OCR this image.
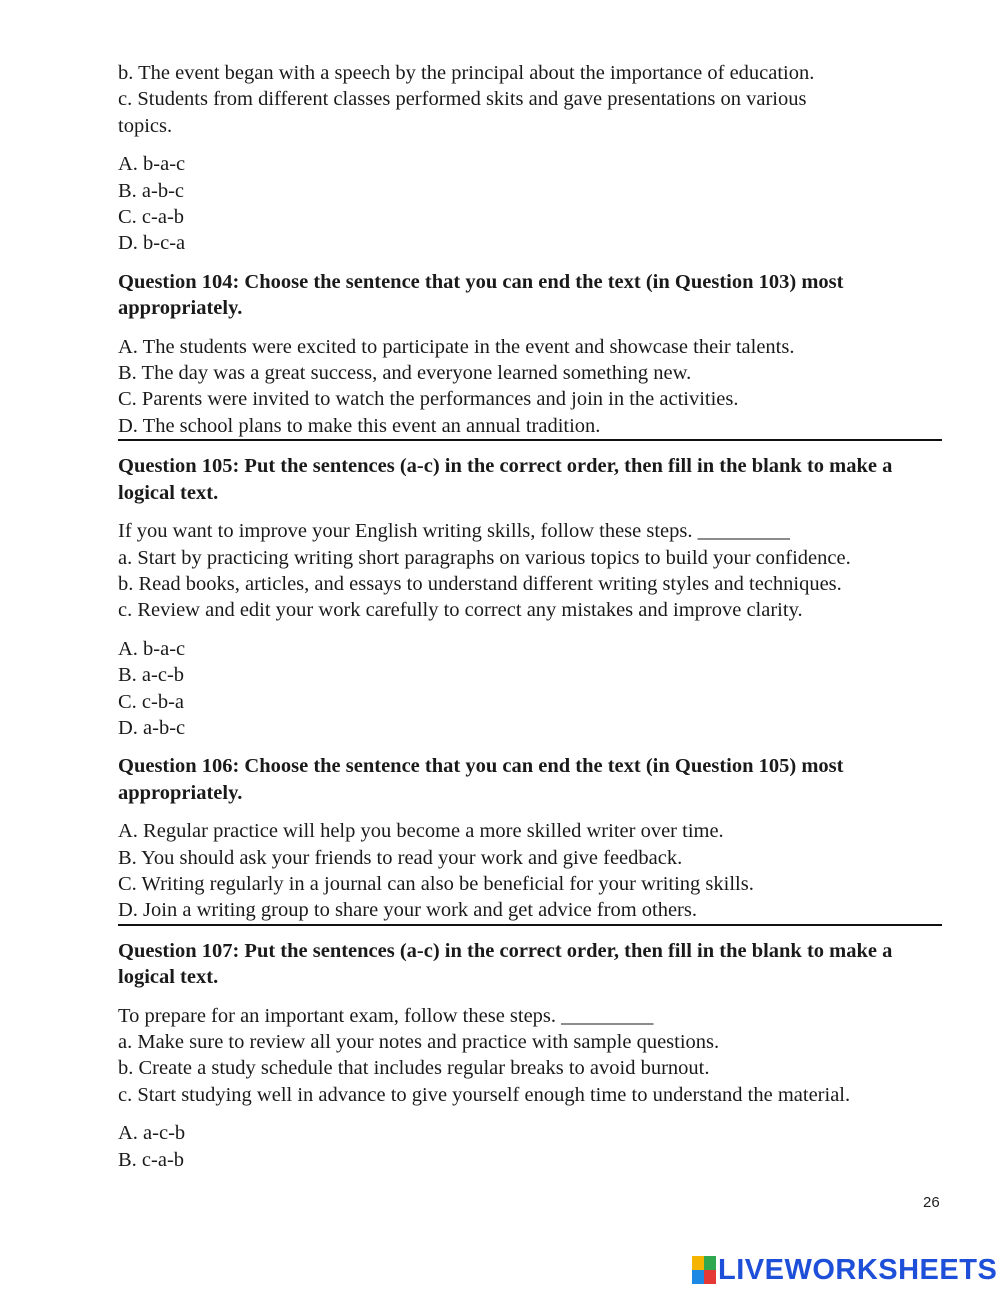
b. The event began with a speech by the principal about the importance of education.
c. Students from different classes performed skits and gave presentations on various
topics.
A. b-a-c
B. a-b-c
C. c-a-b
D. b-c-a
Question 104: Choose the sentence that you can end the text (in Question 103) most appropriately.
A. The students were excited to participate in the event and showcase their talents.
B. The day was a great success, and everyone learned something new.
C. Parents were invited to watch the performances and join in the activities.
D. The school plans to make this event an annual tradition.
Question 105: Put the sentences (a-c) in the correct order, then fill in the blank to make a logical text.
If you want to improve your English writing skills, follow these steps. _________
a. Start by practicing writing short paragraphs on various topics to build your confidence.
b. Read books, articles, and essays to understand different writing styles and techniques.
c. Review and edit your work carefully to correct any mistakes and improve clarity.
A. b-a-c
B. a-c-b
C. c-b-a
D. a-b-c
Question 106: Choose the sentence that you can end the text (in Question 105) most appropriately.
A. Regular practice will help you become a more skilled writer over time.
B. You should ask your friends to read your work and give feedback.
C. Writing regularly in a journal can also be beneficial for your writing skills.
D. Join a writing group to share your work and get advice from others.
Question 107: Put the sentences (a-c) in the correct order, then fill in the blank to make a logical text.
To prepare for an important exam, follow these steps. _________
a. Make sure to review all your notes and practice with sample questions.
b. Create a study schedule that includes regular breaks to avoid burnout.
c. Start studying well in advance to give yourself enough time to understand the material.
A. a-c-b
B. c-a-b
26
LIVEWORKSHEETS
